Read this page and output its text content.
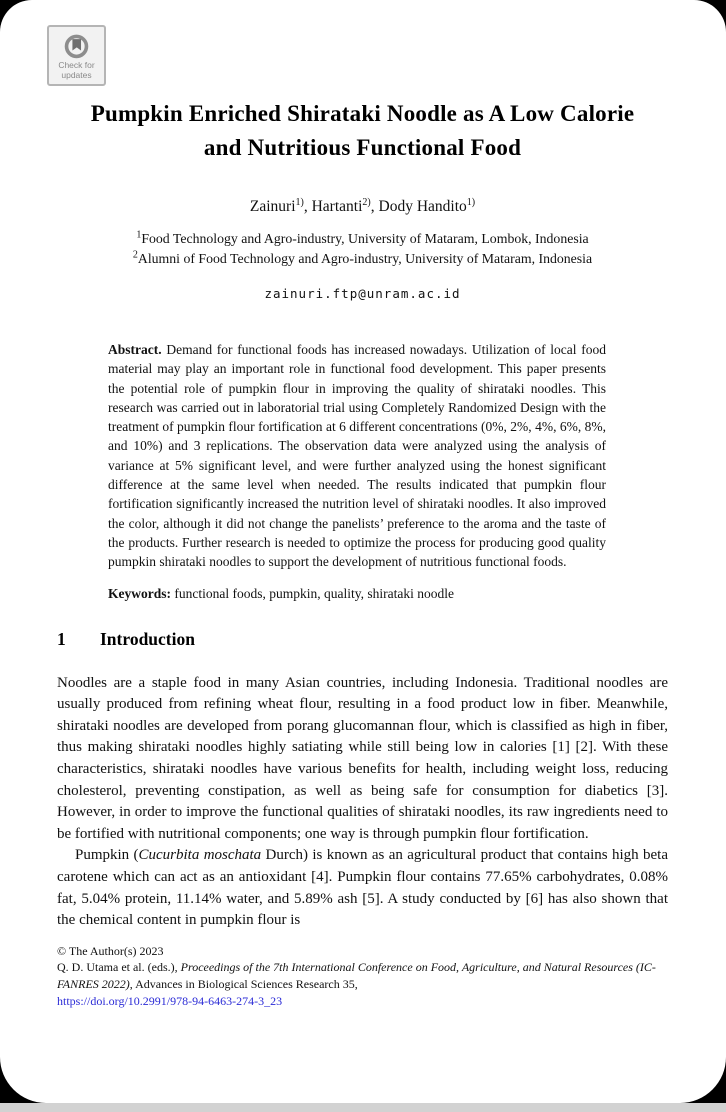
Check for
updates
Pumpkin Enriched Shirataki Noodle as A Low Calorie
and Nutritious Functional Food
Zainuri$^{1)}$, Hartanti$^{2)}$, Dody Handito$^{1)}$
$^1$Food Technology and Agro-industry, University of Mataram, Lombok, Indonesia
$^2$Alumni of Food Technology and Agro-industry, University of Mataram, Indonesia
zainuri.ftp@unram.ac.id

Abstract. Demand for functional foods has increased nowadays. Utilization of local food material may play an important role in functional food development. This paper presents the potential role of pumpkin flour in improving the quality of shirataki noodles. This research was carried out in laboratorial trial using Completely Randomized Design with the treatment of pumpkin flour fortification at 6 different concentrations (0%, 2%, 4%, 6%, 8%, and 10%) and 3 replications. The observation data were analyzed using the analysis of variance at 5% significant level, and were further analyzed using the honest significant difference at the same level when needed. The results indicated that pumpkin flour fortification significantly increased the nutrition level of shirataki noodles. It also improved the color, although it did not change the panelists’ preference to the aroma and the taste of the products. Further research is needed to optimize the process for producing good quality pumpkin shirataki noodles to support the development of nutritious functional foods.

Keywords: functional foods, pumpkin, quality, shirataki noodle

1 Introduction

Noodles are a staple food in many Asian countries, including Indonesia. Traditional noodles are usually produced from refining wheat flour, resulting in a food product low in fiber. Meanwhile, shirataki noodles are developed from porang glucomannan flour, which is classified as high in fiber, thus making shirataki noodles highly satiating while still being low in calories [1] [2]. With these characteristics, shirataki noodles have various benefits for health, including weight loss, reducing cholesterol, preventing constipation, as well as being safe for consumption for diabetics [3]. However, in order to improve the functional qualities of shirataki noodles, its raw ingredients need to be fortified with nutritional components; one way is through pumpkin flour fortification.

Pumpkin (Cucurbita moschata Durch) is known as an agricultural product that contains high beta carotene which can act as an antioxidant [4]. Pumpkin flour contains 77.65% carbohydrates, 0.08% fat, 5.04% protein, 11.14% water, and 5.89% ash [5]. A study conducted by [6] has also shown that the chemical content in pumpkin flour is

© The Author(s) 2023
Q. D. Utama et al. (eds.), Proceedings of the 7th International Conference on Food, Agriculture, and Natural Resources (IC-FANRES 2022), Advances in Biological Sciences Research 35,
https://doi.org/10.2991/978-94-6463-274-3_23
